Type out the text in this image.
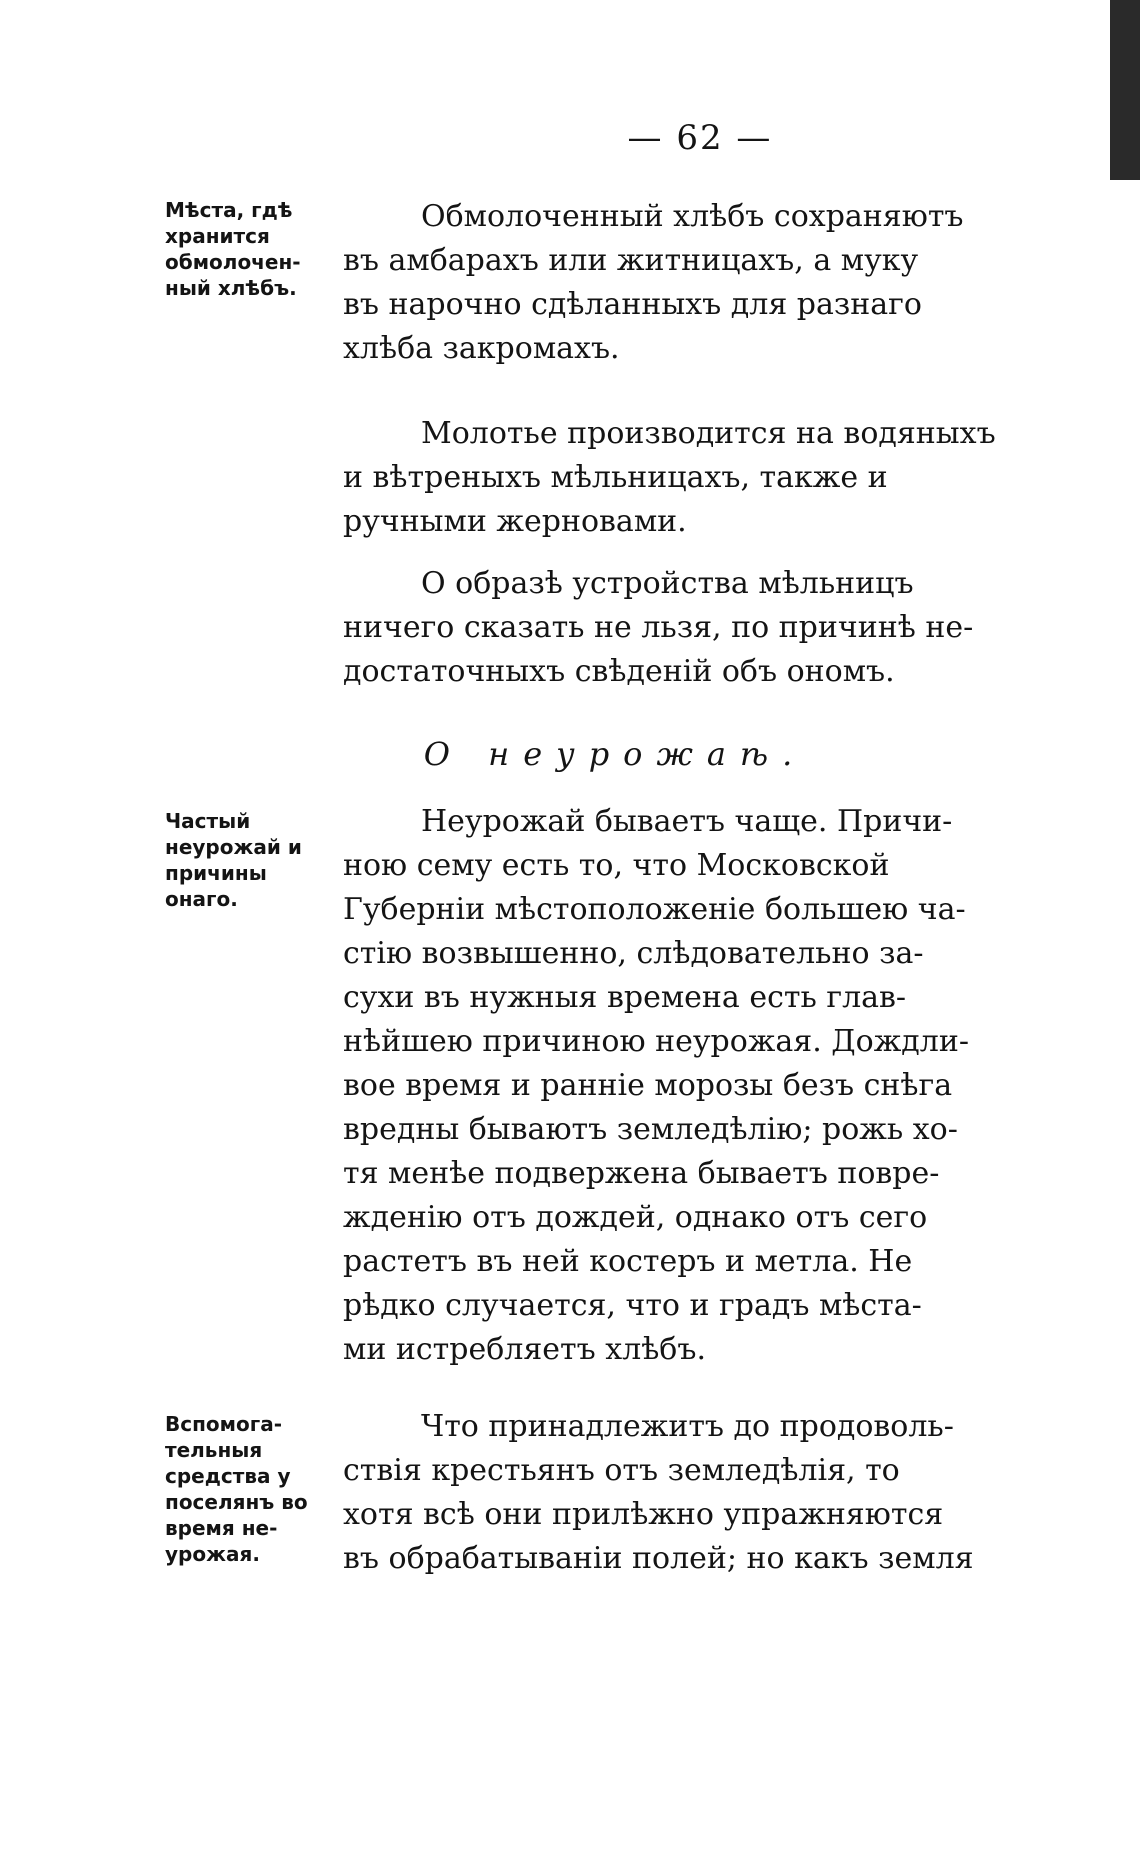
— 62 —
Мѣста, гдѣ
хранится
обмолочен-
ный хлѣбъ.
Обмолоченный хлѣбъ сохраняютъ
въ амбарахъ или житницахъ, а муку
въ нарочно сдѣланныхъ для разнаго
хлѣба закромахъ.
Молотье производится на водяныхъ
и вѣтреныхъ мѣльницахъ, также и
ручными жерновами.
О образѣ устройства мѣльницъ
ничего сказать не льзя, по причинѣ не-
достаточныхъ свѣденій объ ономъ.
О неурожаѣ.
Частый
неурожай и
причины
онаго.
Неурожай бываетъ чаще. Причи-
ною сему есть то, что Московской
Губерніи мѣстоположеніе большею ча-
стію возвышенно, слѣдовательно за-
сухи въ нужныя времена есть глав-
нѣйшею причиною неурожая. Дождли-
вое время и ранніе морозы безъ снѣга
вредны бываютъ земледѣлію; рожь хо-
тя менѣе подвержена бываетъ повре-
жденію отъ дождей, однако отъ сего
растетъ въ ней костеръ и метла. Не
рѣдко случается, что и градъ мѣста-
ми истребляетъ хлѣбъ.
Вспомога-
тельныя
средства у
поселянъ во
время не-
урожая.
Что принадлежитъ до продоволь-
ствія крестьянъ отъ земледѣлія, то
хотя всѣ они прилѣжно упражняются
въ обрабатываніи полей; но какъ земля
